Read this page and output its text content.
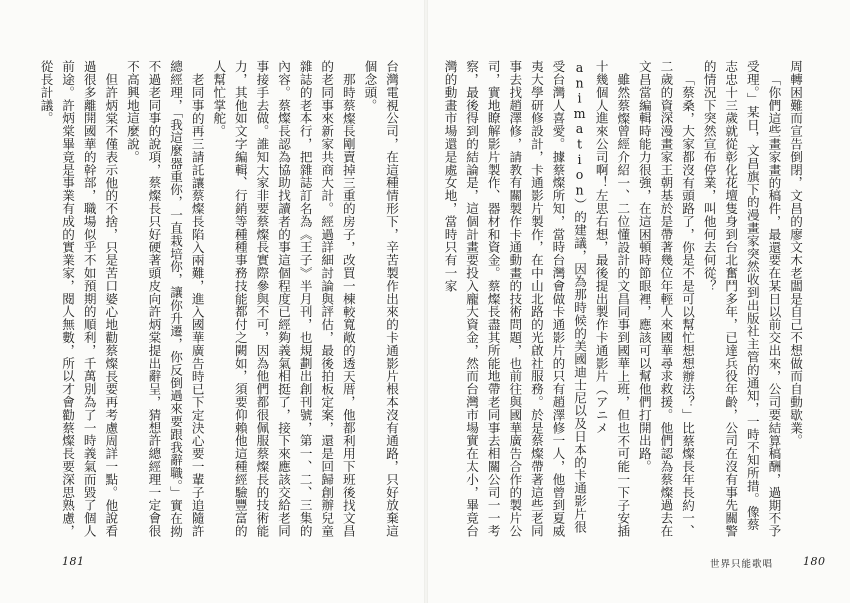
台灣電視公司，在這種情形下，辛苦製作出來的卡通影片根本沒有通路，只好放棄這個念頭。

那時蔡燦長剛賣掉三重的房子，改買一棟較寬敞的透天厝，他都利用下班後找文昌的老同事來新家共商大計。經過詳細討論與評估，最後拍板定案，還是回歸創辦兒童雜誌的老本行，把雜誌訂名為《王子》半月刊，也規劃出創刊號，第一、二、三集的內容。蔡燦長認為協助找讀者的事這個程度已經夠義氣相挺了，接下來應該交給老同事接手去做。誰知大家非要蔡燦長實際參與不可，因為他們都很佩服蔡燦長的技術能力，其他如文字編輯、行銷等種種事務技能都付之闕如，須要仰賴他這種經驗豐富的人幫忙掌舵。

老同事的再三請託讓蔡燦長陷入兩難，進入國華廣告時已下定決心要一輩子追隨許總經理，「我這麼器重你，一直栽培你，讓你升遷，你反倒過來要跟我辭職。」實在拗不過老同事的說項，蔡燦長只好硬著頭皮向許炳棠提出辭呈，猜想許總經理一定會很不高興地這麼說。

但許炳棠不僅表示他的不捨，只是苦口婆心地勸蔡燦長要再考慮周詳一點。他說看過很多離開國華的幹部，職場似乎不如預期的順利，千萬別為了一時義氣而毀了個人前途。許炳棠畢竟是事業有成的實業家，閱人無數，所以才會勸蔡燦長要深思熟慮，從長計議。

181

周轉困難而宣告倒閉，文昌的廖文木老闆是自己不想做而自動歇業。

「你們這些畫家畫的稿件，最還要在某日以前交出來，公司要結算稿酬，過期不予受理。」某日，文昌旗下的漫畫家突然收到出版社主管的通知，一時不知所措。像蔡志忠十三歲就從彰化花壇隻身到台北奮鬥多年，已達兵役年齡，公司在沒有事先關警的情況下突然宣布停業，叫他何去何從？

「蔡桑，大家都沒有頭路了，你是不是可以幫忙想想辦法？」比蔡燦長年長約一、二歲的資深漫畫家王朝基於是帶著幾位年輕人來國華尋求救援。他們認為蔡燦過去在文昌當編輯時能力很強，在這困頓時節眼裡，應該可以幫他們打開出路。

雖然蔡燦曾經介紹一、二位懂設計的文昌同事到國華上班，但也不可能一下子安插十幾個人進來公司啊！左思右想，最後提出製作卡通影片（アニメanimation）的建議，因為那時候的美國迪士尼以及日本的卡通影片很受台灣人喜愛。據蔡燦所知，當時台灣會做卡通影片的只有趙澤修一人，他曾到夏威夷大學研修設計，卡通影片製作，在中山北路的光啟社服務。於是蔡燦帶著這些老同事去找趙澤修，請教有關製作卡通動畫的技術問題，也前往與國華廣告合作的製片公司，實地瞭解影片製作、器材和資金。蔡燦長盡其所能地帶老同事去相關公司一一考察，最後得到的結論是，這個計畫要投入龐大資金，然而台灣市場實在太小，畢竟台灣的動畫市場還是處女地，當時只有一家

世界只能歌唱	180
